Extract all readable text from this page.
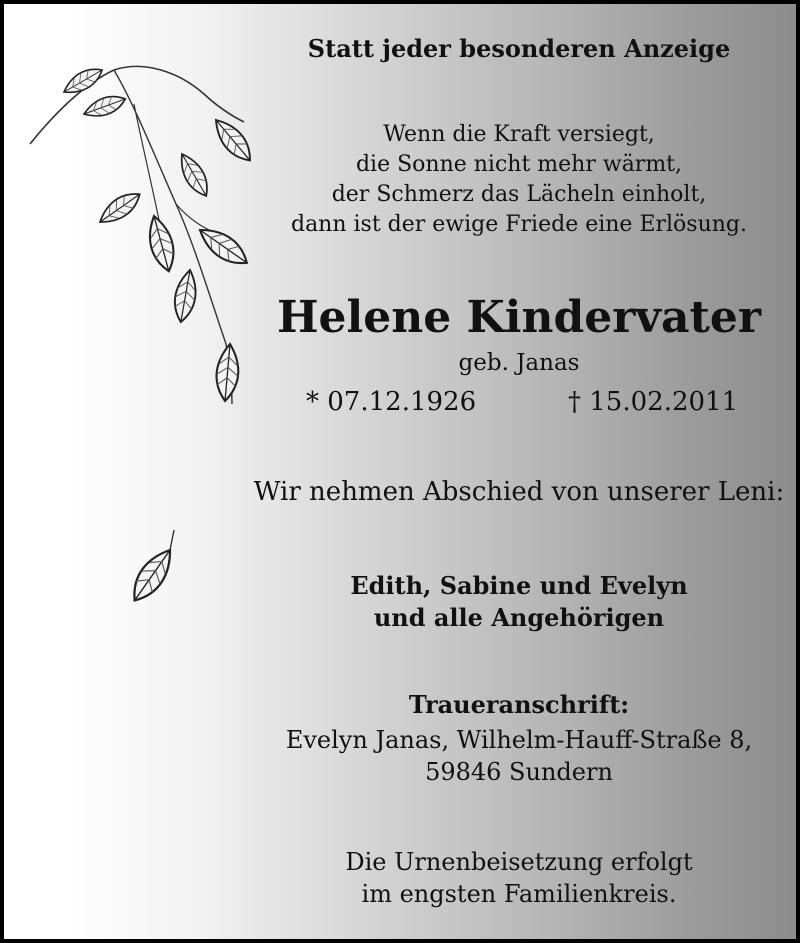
Statt jeder besonderen Anzeige
Wenn die Kraft versiegt,
die Sonne nicht mehr wärmt,
der Schmerz das Lächeln einholt,
dann ist der ewige Friede eine Erlösung.
Helene Kindervater
geb. Janas
* 07.12.1926	† 15.02.2011
Wir nehmen Abschied von unserer Leni:
Edith, Sabine und Evelyn
und alle Angehörigen
Traueranschrift:
Evelyn Janas, Wilhelm-Hauff-Straße 8,
59846 Sundern
Die Urnenbeisetzung erfolgt
im engsten Familienkreis.
